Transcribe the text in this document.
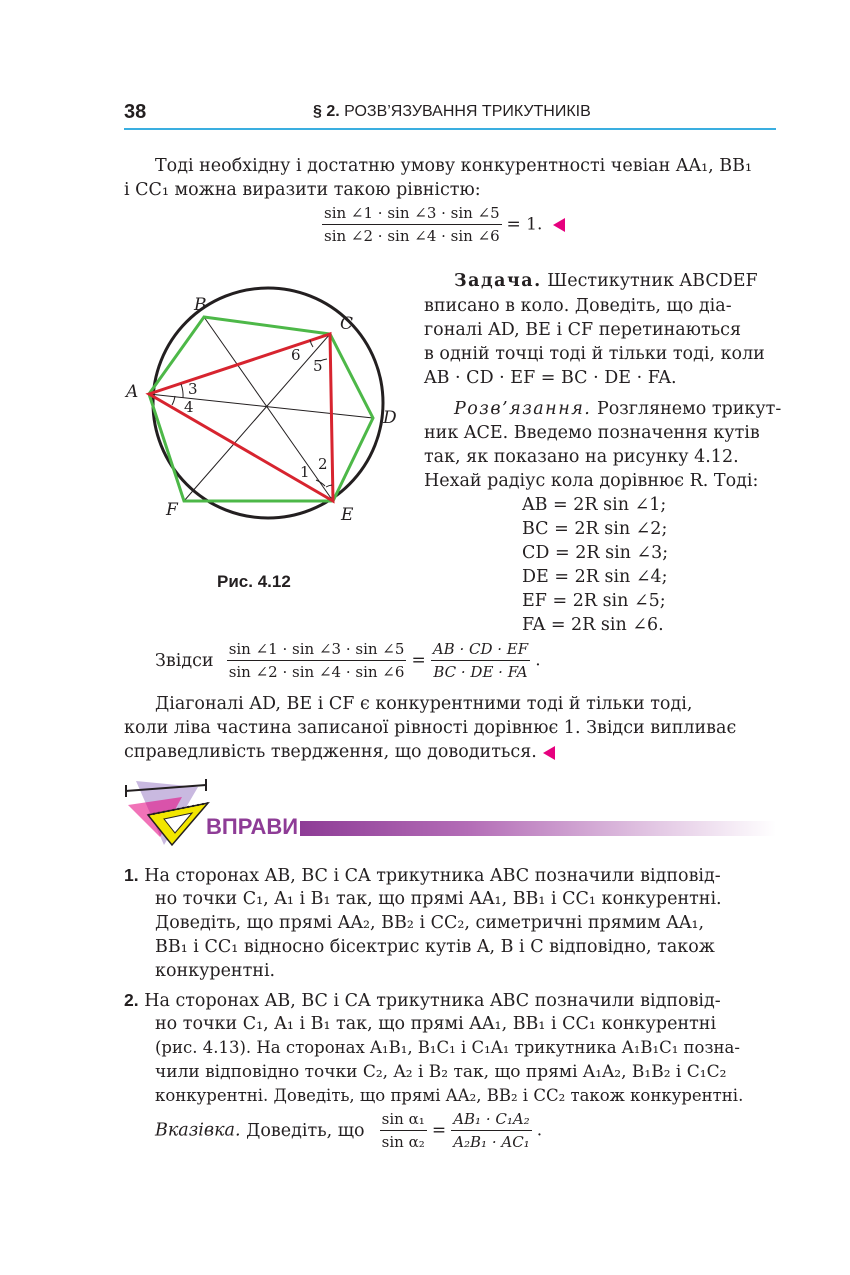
38	§ 2. РОЗВ’ЯЗУВАННЯ ТРИКУТНИКІВ
Тоді необхідну і достатню умову конкурентності чевіан AA₁, BB₁
і CC₁ можна виразити такою рівністю:
$\frac{\sin \angle 1 \cdot \sin \angle 3 \cdot \sin \angle 5}{\sin \angle 2 \cdot \sin \angle 4 \cdot \sin \angle 6} = 1$.
A
B
C
D
E
F
1 2
3
4
5
6
Рис. 4.12
Задача. Шестикутник ABCDEF
вписано в коло. Доведіть, що діа-
гоналі AD, BE і CF перетинаються
в одній точці тоді й тільки тоді, коли
AB · CD · EF = BC · DE · FA.
Розв’язання. Розглянемо трикут-
ник ACE. Введемо позначення кутів
так, як показано на рисунку 4.12.
Нехай радіус кола дорівнює R. Тоді:
AB = 2R sin ∠1;
BC = 2R sin ∠2;
CD = 2R sin ∠3;
DE = 2R sin ∠4;
EF = 2R sin ∠5;
FA = 2R sin ∠6.
Звідси $\frac{\sin \angle 1 \cdot \sin \angle 3 \cdot \sin \angle 5}{\sin \angle 2 \cdot \sin \angle 4 \cdot \sin \angle 6} = \frac{AB \cdot CD \cdot EF}{BC \cdot DE \cdot FA}$ .
Діагоналі AD, BE і CF є конкурентними тоді й тільки тоді,
коли ліва частина записаної рівності дорівнює 1. Звідси випливає
справедливість твердження, що доводиться.
ВПРАВИ
1. На сторонах AB, BC і CA трикутника ABC позначили відповід-
но точки C₁, A₁ і B₁ так, що прямі AA₁, BB₁ і CC₁ конкурентні.
Доведіть, що прямі AA₂, BB₂ і CC₂, симетричні прямим AA₁,
BB₁ і CC₁ відносно бісектрис кутів A, B і C відповідно, також
конкурентні.
2. На сторонах AB, BC і CA трикутника ABC позначили відповід-
но точки C₁, A₁ і B₁ так, що прямі AA₁, BB₁ і CC₁ конкурентні
(рис. 4.13). На сторонах A₁B₁, B₁C₁ і C₁A₁ трикутника A₁B₁C₁ позна-
чили відповідно точки C₂, A₂ і B₂ так, що прямі A₁A₂, B₁B₂ і C₁C₂
конкурентні. Доведіть, що прямі AA₂, BB₂ і CC₂ також конкурентні.
Вказівка. Доведіть, що $\frac{\text{sin α₁}}{\text{sin α₂}} = \frac{\text{AB₁ · C₁A₂}}{\text{A₂B₁ · AC₁}}$ .
